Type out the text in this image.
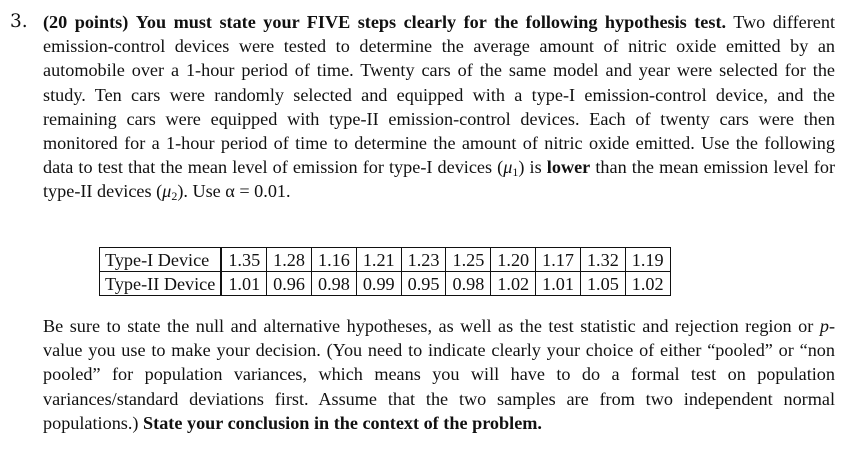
3. (20 points) You must state your FIVE steps clearly for the following hypothesis test. Two different emission-control devices were tested to determine the average amount of nitric oxide emitted by an automobile over a 1-hour period of time. Twenty cars of the same model and year were selected for the study. Ten cars were randomly selected and equipped with a type-I emission-control device, and the remaining cars were equipped with type-II emission-control devices. Each of twenty cars were then monitored for a 1-hour period of time to determine the amount of nitric oxide emitted. Use the following data to test that the mean level of emission for type-I devices $(\mu_1)$ is lower than the mean emission level for type-II devices $(\mu_2)$. Use α = 0.01.

Type-I Device	1.35	1.28	1.16	1.21	1.23	1.25	1.20	1.17	1.32	1.19
Type-II Device	1.01	0.96	0.98	0.99	0.95	0.98	1.02	1.01	1.05	1.02

Be sure to state the null and alternative hypotheses, as well as the test statistic and rejection region or p-value you use to make your decision. (You need to indicate clearly your choice of either “pooled” or “non pooled” for population variances, which means you will have to do a formal test on population variances/standard deviations first. Assume that the two samples are from two independent normal populations.) State your conclusion in the context of the problem.
